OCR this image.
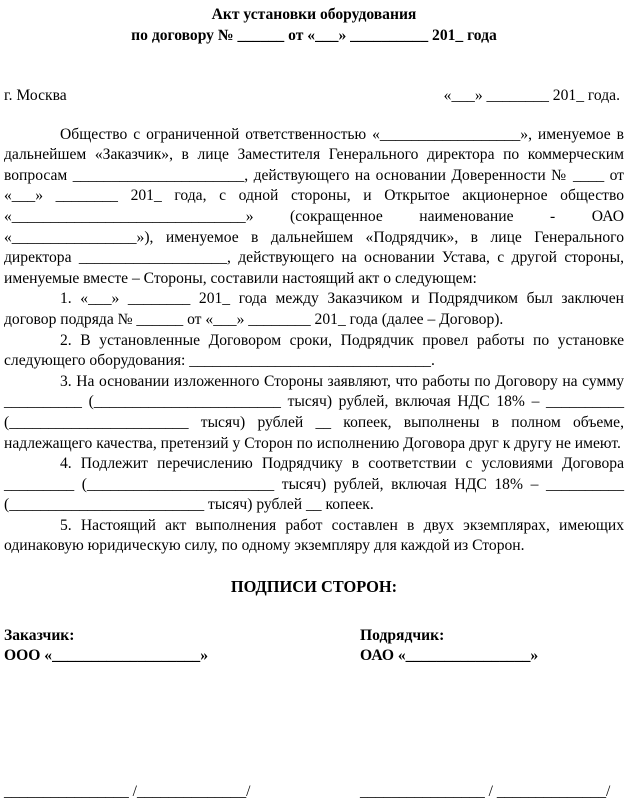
Акт установки оборудования
по договору № ______ от «___» __________ 201_ года
г. Москва	«___» ________ 201_ года.

Общество с ограниченной ответственностью «__________________», именуемое в дальнейшем «Заказчик», в лице Заместителя Генерального директора по коммерческим вопросам ______________________, действующего на основании Доверенности № ____ от «___» ________ 201_ года, с одной стороны, и Открытое акционерное общество «______________________________» (сокращенное наименование - ОАО «________________»), именуемое в дальнейшем «Подрядчик», в лице Генерального директора ___________________, действующего на основании Устава, с другой стороны, именуемые вместе – Стороны, составили настоящий акт о следующем:

1. «___» ________ 201_ года между Заказчиком и Подрядчиком был заключен договор подряда № ______ от «___» ________ 201_ года (далее – Договор).

2. В установленные Договором сроки, Подрядчик провел работы по установке следующего оборудования: _______________________________.

3. На основании изложенного Стороны заявляют, что работы по Договору на сумму __________ (________________________ тысяч) рублей, включая НДС 18% – __________ (_______________________ тысяч) рублей __ копеек, выполнены в полном объеме, надлежащего качества, претензий у Сторон по исполнению Договора друг к другу не имеют.

4. Подлежит перечислению Подрядчику в соответствии с условиями Договора _________ (________________________ тысяч) рублей, включая НДС 18% – __________ (_________________________ тысяч) рублей __ копеек.

5. Настоящий акт выполнения работ составлен в двух экземплярах, имеющих одинаковую юридическую силу, по одному экземпляру для каждой из Сторон.

ПОДПИСИ СТОРОН:
Заказчик:
ООО «___________________»
Подрядчик:
ОАО «________________»
________________ /______________/	________________ / ______________/
